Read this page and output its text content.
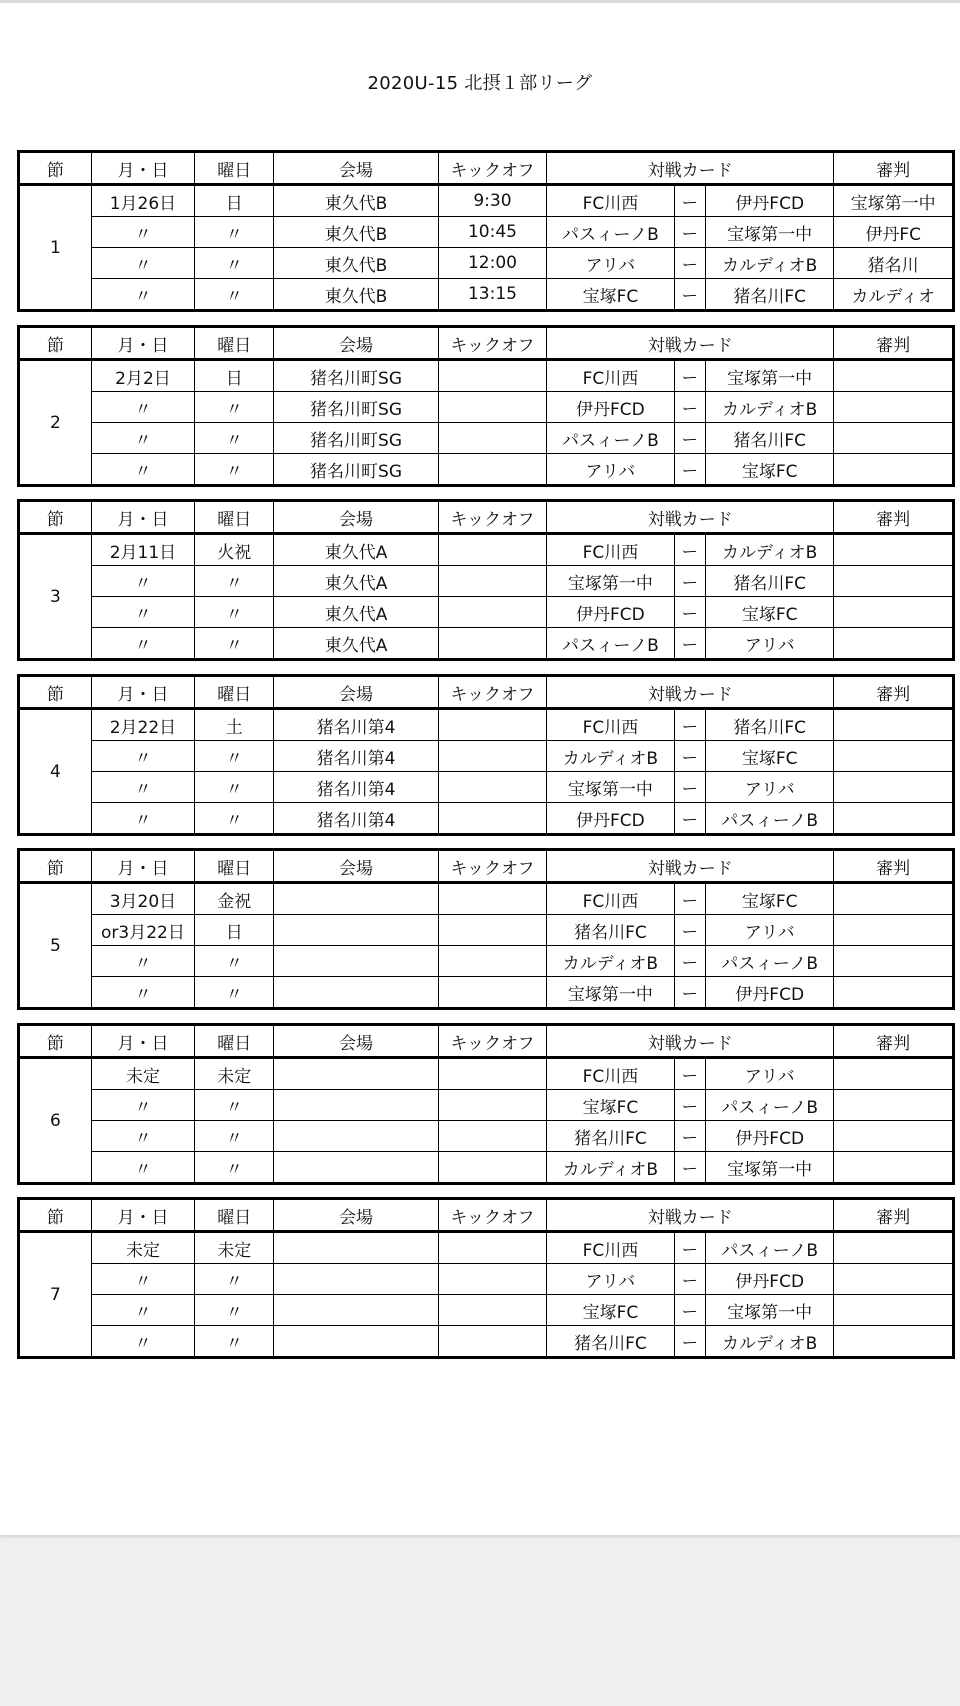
2020U-15 北摂１部リーグ
節	月・日	曜日	会場	キックオフ	対戦カード			審判
1	1月26日	日	東久代B	9:30	FC川西	ー	伊丹FCD	宝塚第一中
	〃	〃	東久代B	10:45	パスィーノB	ー	宝塚第一中	伊丹FC
	〃	〃	東久代B	12:00	アリバ	ー	カルディオB	猪名川
	〃	〃	東久代B	13:15	宝塚FC	ー	猪名川FC	カルディオ
節	月・日	曜日	会場	キックオフ	対戦カード			審判
2	2月2日	日	猪名川町SG		FC川西	ー	宝塚第一中	
	〃	〃	猪名川町SG		伊丹FCD	ー	カルディオB	
	〃	〃	猪名川町SG		パスィーノB	ー	猪名川FC	
	〃	〃	猪名川町SG		アリバ	ー	宝塚FC	
節	月・日	曜日	会場	キックオフ	対戦カード			審判
3	2月11日	火祝	東久代A		FC川西	ー	カルディオB	
	〃	〃	東久代A		宝塚第一中	ー	猪名川FC	
	〃	〃	東久代A		伊丹FCD	ー	宝塚FC	
	〃	〃	東久代A		パスィーノB	ー	アリバ	
節	月・日	曜日	会場	キックオフ	対戦カード			審判
4	2月22日	土	猪名川第4		FC川西	ー	猪名川FC	
	〃	〃	猪名川第4		カルディオB	ー	宝塚FC	
	〃	〃	猪名川第4		宝塚第一中	ー	アリバ	
	〃	〃	猪名川第4		伊丹FCD	ー	パスィーノB	
節	月・日	曜日	会場	キックオフ	対戦カード			審判
5	3月20日	金祝			FC川西	ー	宝塚FC	
	or3月22日	日			猪名川FC	ー	アリバ	
	〃	〃			カルディオB	ー	パスィーノB	
	〃	〃			宝塚第一中	ー	伊丹FCD	
節	月・日	曜日	会場	キックオフ	対戦カード			審判
6	未定	未定			FC川西	ー	アリバ	
	〃	〃			宝塚FC	ー	パスィーノB	
	〃	〃			猪名川FC	ー	伊丹FCD	
	〃	〃			カルディオB	ー	宝塚第一中	
節	月・日	曜日	会場	キックオフ	対戦カード			審判
7	未定	未定			FC川西	ー	パスィーノB	
	〃	〃			アリバ	ー	伊丹FCD	
	〃	〃			宝塚FC	ー	宝塚第一中	
	〃	〃			猪名川FC	ー	カルディオB	
